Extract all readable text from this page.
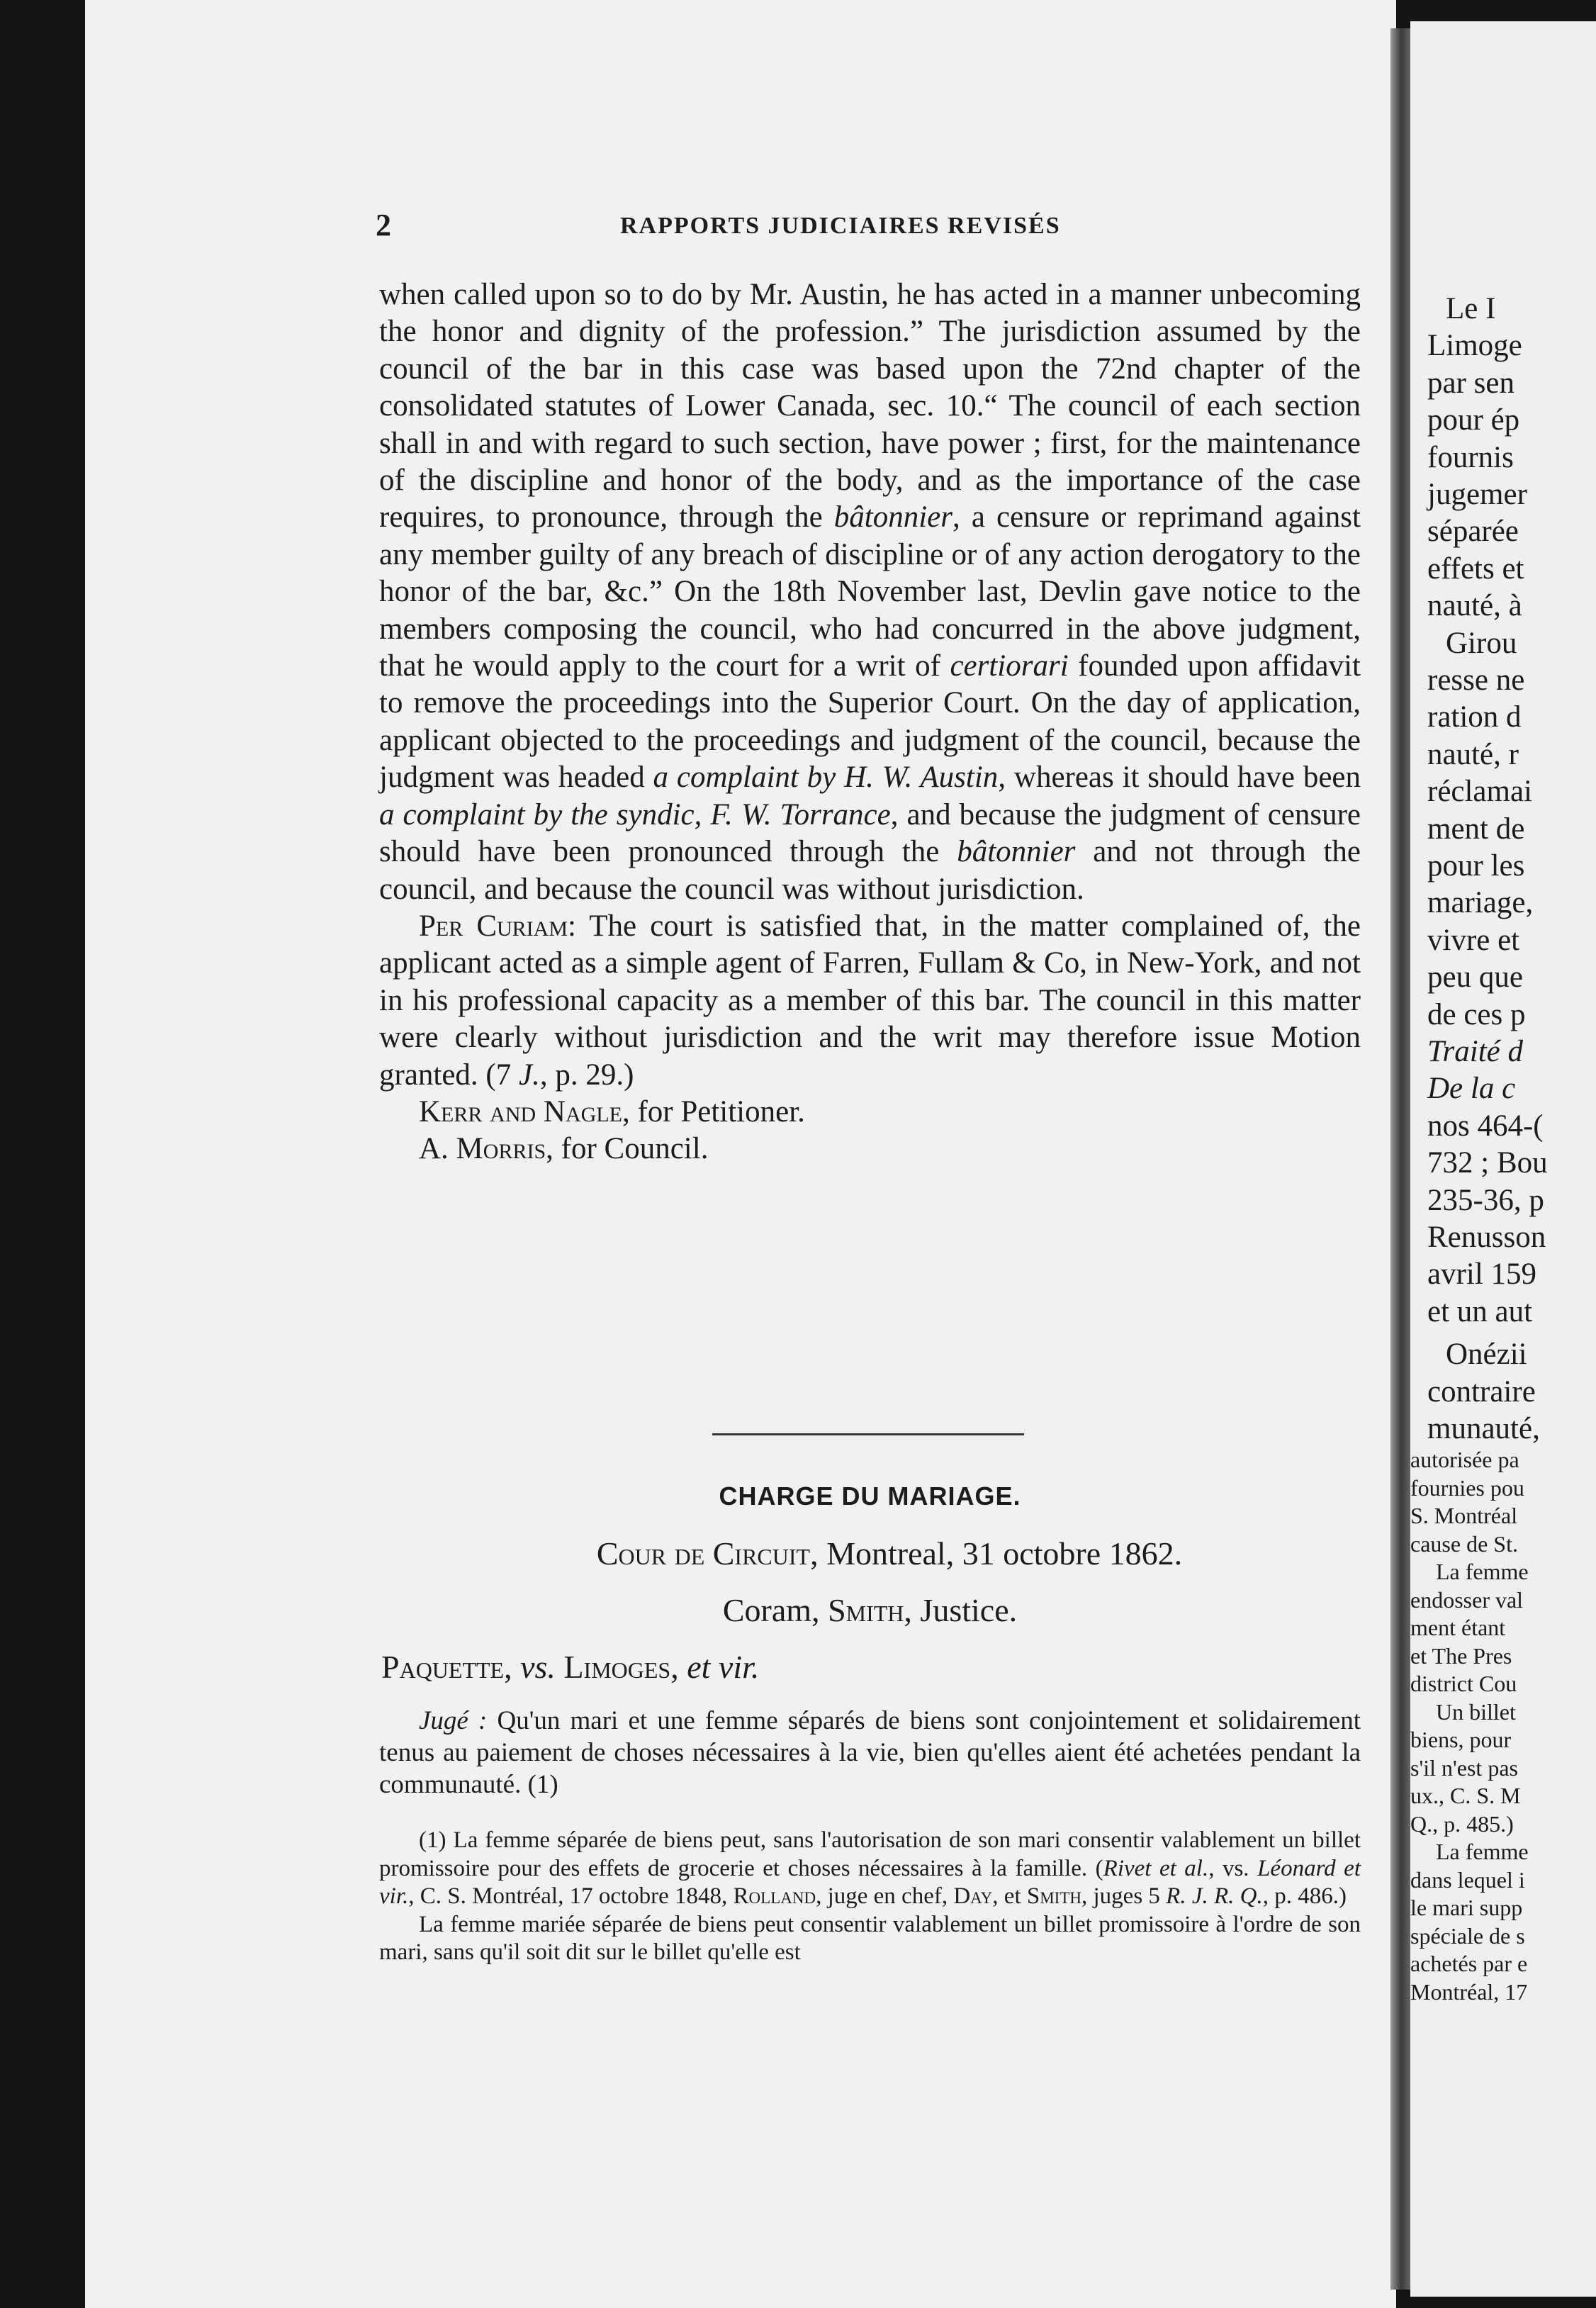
2	RAPPORTS JUDICIAIRES REVISÉS

when called upon so to do by Mr. Austin, he has acted in a manner unbecoming the honor and dignity of the profession.” The jurisdiction assumed by the council of the bar in this case was based upon the 72nd chapter of the consolidated statutes of Lower Canada, sec. 10.“ The council of each section shall in and with regard to such section, have power ; first, for the maintenance of the discipline and honor of the body, and as the importance of the case requires, to pronounce, through the bâtonnier, a censure or reprimand against any member guilty of any breach of discipline or of any action derogatory to the honor of the bar, &c.” On the 18th November last, Devlin gave notice to the members composing the council, who had concurred in the above judgment, that he would apply to the court for a writ of certiorari founded upon affidavit to remove the proceedings into the Superior Court. On the day of application, applicant objected to the proceedings and judgment of the council, because the judgment was headed a complaint by H. W. Austin, whereas it should have been a complaint by the syndic, F. W. Torrance, and because the judgment of censure should have been pronounced through the bâtonnier and not through the council, and because the council was without jurisdiction.

Per Curiam: The court is satisfied that, in the matter complained of, the applicant acted as a simple agent of Farren, Fullam & Co, in New-York, and not in his professional capacity as a member of this bar. The council in this matter were clearly without jurisdiction and the writ may therefore issue Motion granted. (7 J., p. 29.)

Kerr and Nagle, for Petitioner.

A. Morris, for Council.

CHARGE DU MARIAGE.
Cour de Circuit, Montreal, 31 octobre 1862.
Coram, Smith, Justice.
Paquette, vs. Limoges, et vir.

Jugé : Qu'un mari et une femme séparés de biens sont conjointement et solidairement tenus au paiement de choses nécessaires à la vie, bien qu'elles aient été achetées pendant la communauté. (1)

(1) La femme séparée de biens peut, sans l'autorisation de son mari consentir valablement un billet promissoire pour des effets de grocerie et choses nécessaires à la famille. (Rivet et al., vs. Léonard et vir., C. S. Montréal, 17 octobre 1848, Rolland, juge en chef, Day, et Smith, juges 5 R. J. R. Q., p. 486.)

La femme mariée séparée de biens peut consentir valablement un billet promissoire à l'ordre de son mari, sans qu'il soit dit sur le billet qu'elle est

Le I
Limoge
par sen
pour ép
fournis
jugemer
séparée
effets et
nauté, à
Girou
resse ne
ration d
nauté, r
réclamai
ment de
pour les
mariage,
vivre et
peu que
de ces p
Traité d
De la c
nos 464-(
732 ; Bou
235-36, p
Renusson
avril 159
et un aut
Onézii
contraire
munauté,
autorisée pa
fournies pou
S. Montréal
cause de St.
La femme
endosser val
ment étant
et The Pres
district Cou
Un billet
biens, pour
s'il n'est pas
ux., C. S. M
Q., p. 485.)
La femme
dans lequel i
le mari supp
spéciale de s
achetés par e
Montréal, 17
